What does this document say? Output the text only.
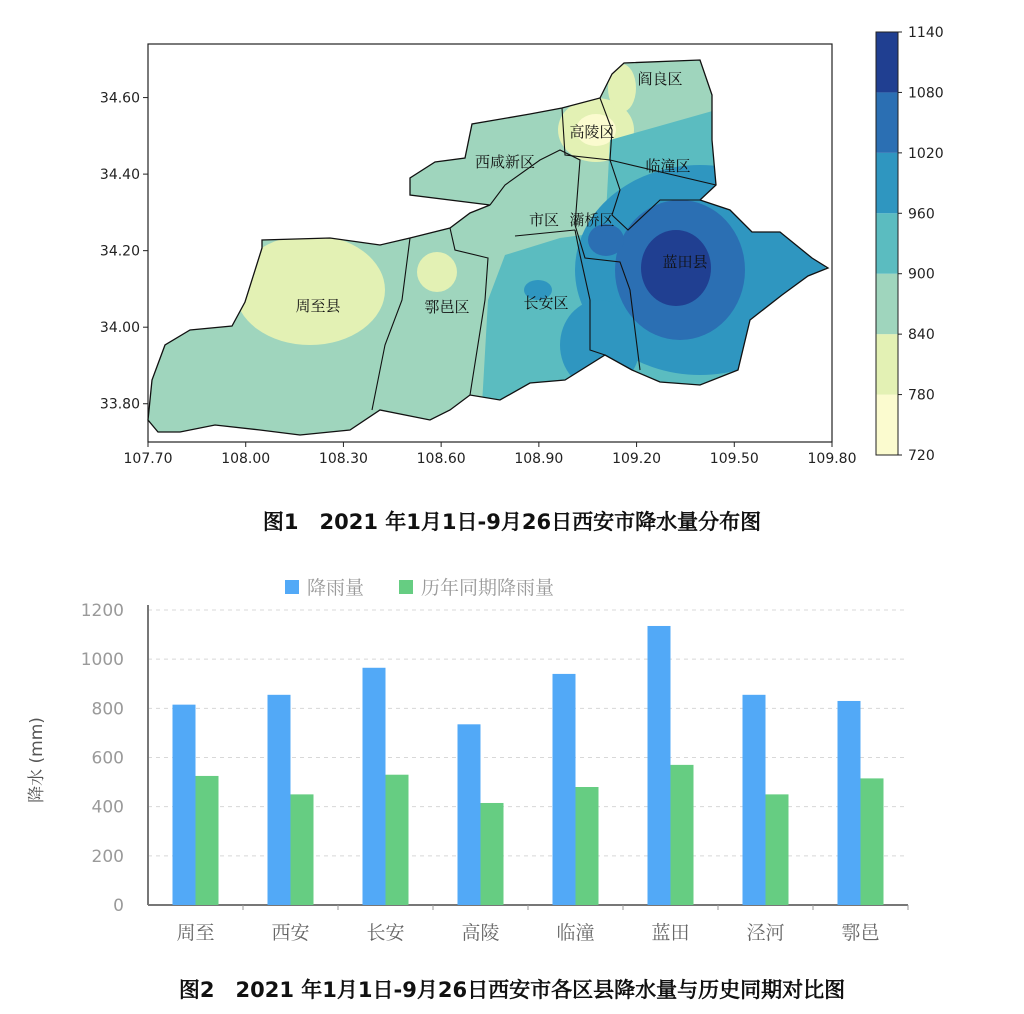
阎良区
高陵区
西咸新区	临潼区
市区 灞桥区
蓝田县
周至县	鄠邑区	长安区
107.70	108.00	108.30	108.60	108.90	109.20	109.50	109.80
34.60
34.40
34.20
34.00
33.80
1140
1080
1020
960
900
840
780
720
图1　2021 年1月1日-9月26日西安市降水量分布图
0
200
400
600
800
1000
1200
周至	西安	长安	高陵	临潼	蓝田	泾河	鄠邑
降雨量	历年同期降雨量
降水 (mm)
图2　2021 年1月1日-9月26日西安市各区县降水量与历史同期对比图
